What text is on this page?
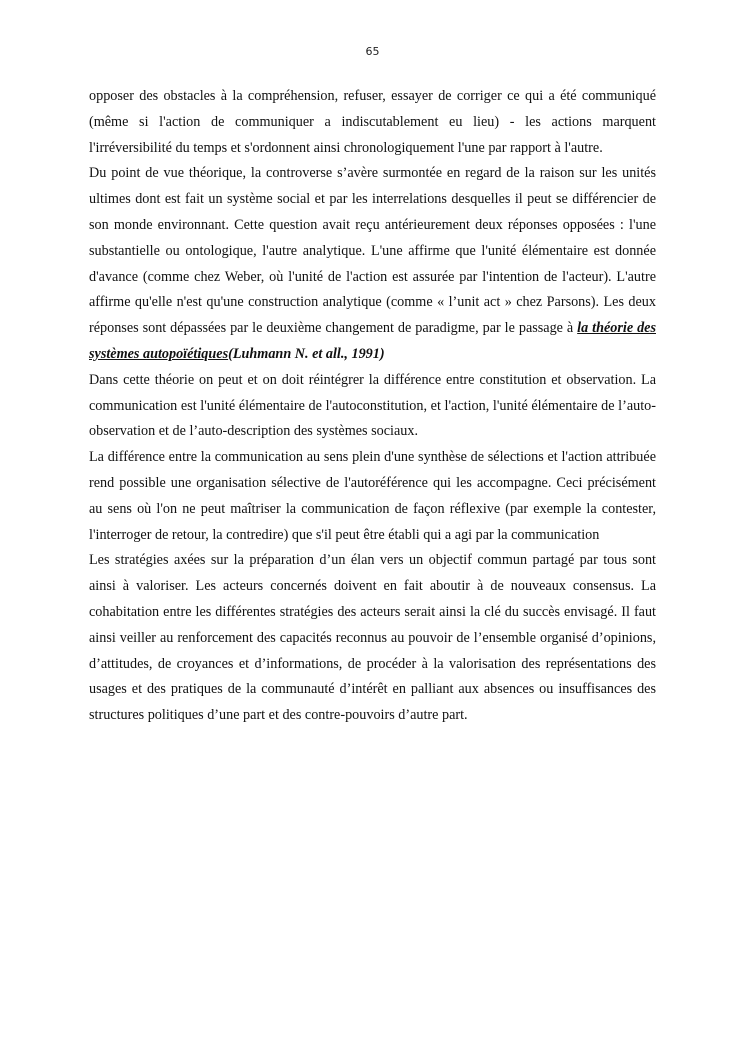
65

opposer des obstacles à la compréhension, refuser, essayer de corriger ce qui a été communiqué (même si l'action de communiquer a indiscutablement eu lieu) - les actions marquent l'irréversibilité du temps et s'ordonnent ainsi chronologiquement l'une par rapport à l'autre.

Du point de vue théorique, la controverse s’avère surmontée en regard de la raison sur les unités ultimes dont est fait un système social et par les interrelations desquelles il peut se différencier de son monde environnant. Cette question avait reçu antérieurement deux réponses opposées : l'une substantielle ou ontologique, l'autre analytique. L'une affirme que l'unité élémentaire est donnée d'avance (comme chez Weber, où l'unité de l'action est assurée par l'intention de l'acteur). L'autre affirme qu'elle n'est qu'une construction analytique (comme « l’unit act » chez Parsons). Les deux réponses sont dépassées par le deuxième changement de paradigme, par le passage à la théorie des systèmes autopoïétiques(Luhmann N. et all., 1991)

Dans cette théorie on peut et on doit réintégrer la différence entre constitution et observation. La communication est l'unité élémentaire de l'autoconstitution, et l'action, l'unité élémentaire de l’auto-observation et de l’auto-description des systèmes sociaux.

La différence entre la communication au sens plein d'une synthèse de sélections et l'action attribuée rend possible une organisation sélective de l'autoréférence qui les accompagne. Ceci précisément au sens où l'on ne peut maîtriser la communication de façon réflexive (par exemple la contester, l'interroger de retour, la contredire) que s'il peut être établi qui a agi par la communication

Les stratégies axées sur la préparation d’un élan vers un objectif commun partagé par tous sont ainsi à valoriser. Les acteurs concernés doivent en fait aboutir à de nouveaux consensus. La cohabitation entre les différentes stratégies des acteurs serait ainsi la clé du succès envisagé. Il faut ainsi veiller au renforcement des capacités reconnus au pouvoir de l’ensemble organisé d’opinions, d’attitudes, de croyances et d’informations, de procéder à la valorisation des représentations des usages et des pratiques de la communauté d’intérêt en palliant aux absences ou insuffisances des structures politiques d’une part et des contre-pouvoirs d’autre part.
